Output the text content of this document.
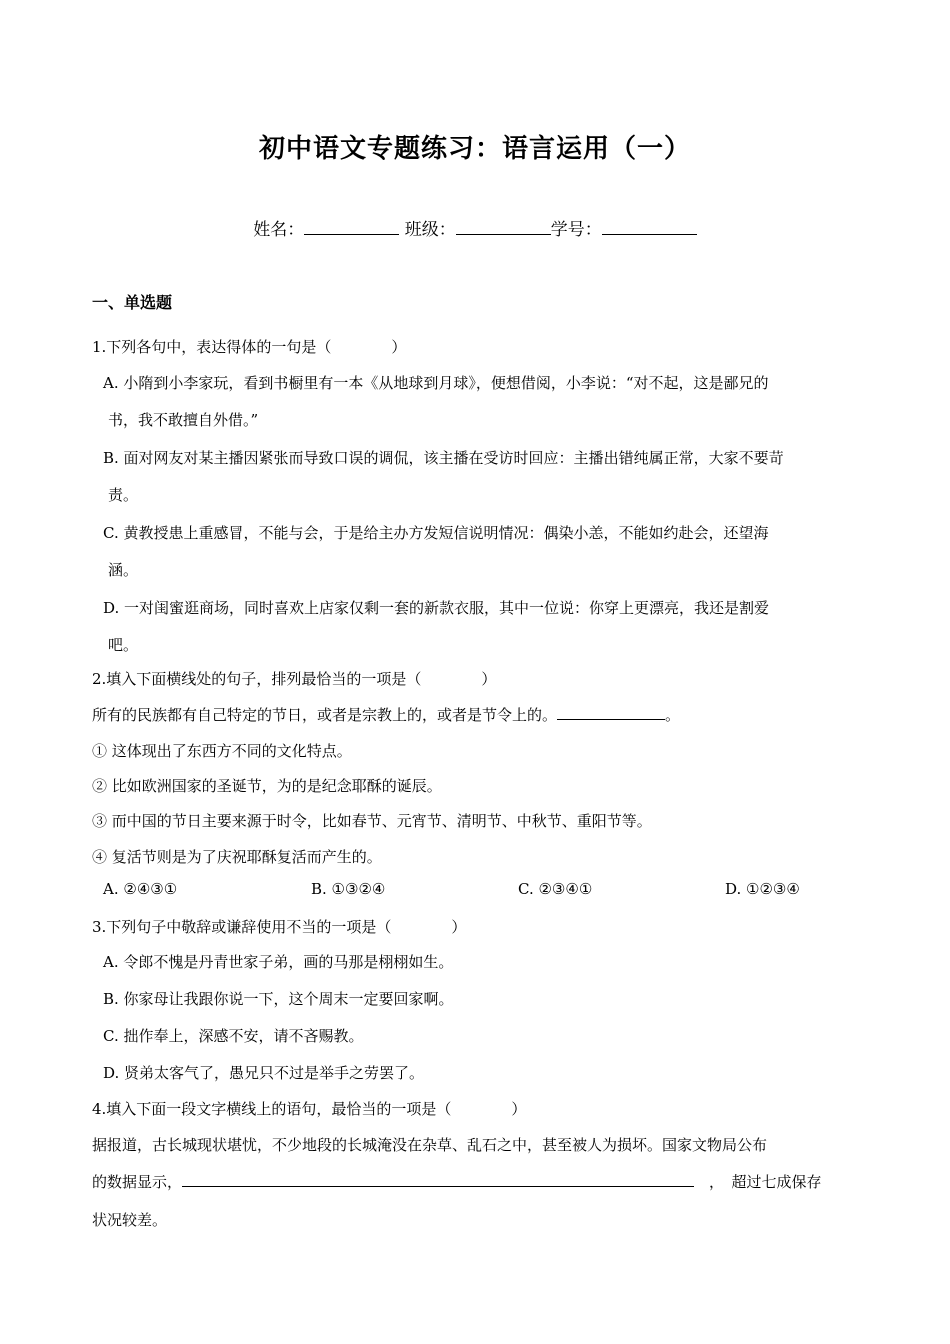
初中语文专题练习：语言运用（一）
姓名：	班级：	学号：
一、单选题
1.下列各句中，表达得体的一句是（　　　　）
A. 小隋到小李家玩，看到书橱里有一本《从地球到月球》，便想借阅，小李说：“对不起，这是鄙兄的
书，我不敢擅自外借。”
B. 面对网友对某主播因紧张而导致口误的调侃，该主播在受访时回应：主播出错纯属正常，大家不要苛
责。
C. 黄教授患上重感冒，不能与会，于是给主办方发短信说明情况：偶染小恙，不能如约赴会，还望海
涵。
D. 一对闺蜜逛商场，同时喜欢上店家仅剩一套的新款衣服，其中一位说：你穿上更漂亮，我还是割爱
吧。
2.填入下面横线处的句子，排列最恰当的一项是（　　　　）
所有的民族都有自己特定的节日，或者是宗教上的，或者是节令上的。	。
① 这体现出了东西方不同的文化特点。
② 比如欧洲国家的圣诞节，为的是纪念耶酥的诞辰。
③ 而中国的节日主要来源于时令，比如春节、元宵节、清明节、中秋节、重阳节等。
④ 复活节则是为了庆祝耶酥复活而产生的。
A. ②④③①	B. ①③②④	C. ②③④①	D. ①②③④
3.下列句子中敬辞或谦辞使用不当的一项是（　　　　）
A. 令郎不愧是丹青世家子弟，画的马那是栩栩如生。
B. 你家母让我跟你说一下，这个周末一定要回家啊。
C. 拙作奉上，深感不安，请不吝赐教。
D. 贤弟太客气了，愚兄只不过是举手之劳罢了。
4.填入下面一段文字横线上的语句，最恰当的一项是（　　　　）
据报道，古长城现状堪忧，不少地段的长城淹没在杂草、乱石之中，甚至被人为损坏。国家文物局公布
的数据显示，　	，　超过七成保存
状况较差。
